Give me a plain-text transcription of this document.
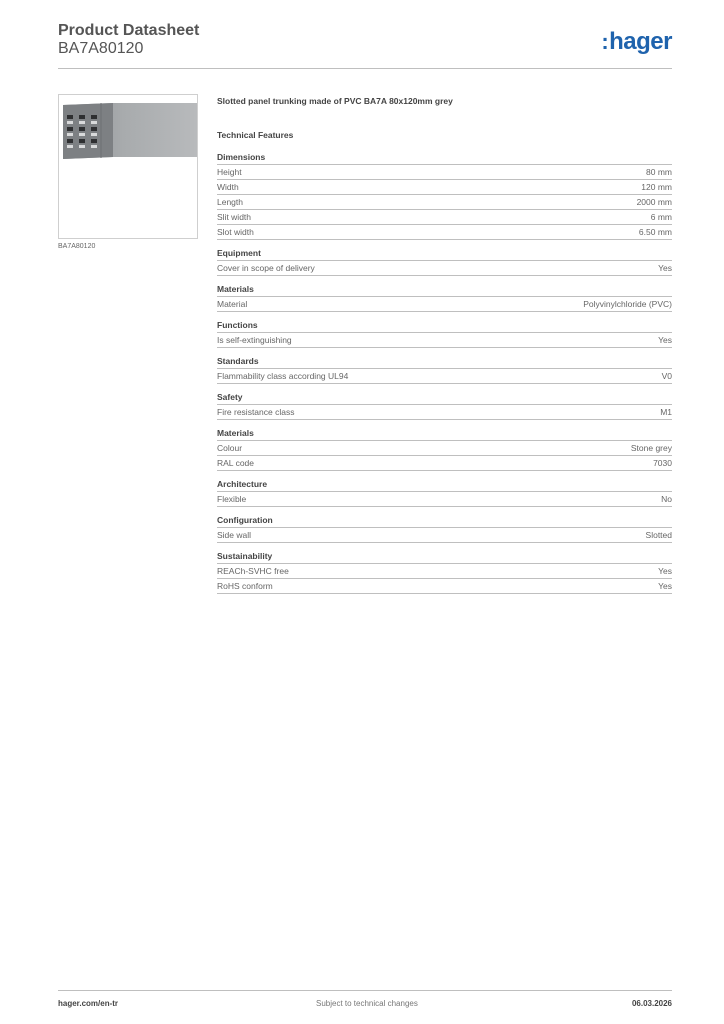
Product Datasheet
BA7A80120	:hager
BA7A80120
Slotted panel trunking made of PVC BA7A 80x120mm grey
Technical Features
Dimensions
Height	80 mm
Width	120 mm
Length	2000 mm
Slit width	6 mm
Slot width	6.50 mm
Equipment
Cover in scope of delivery	Yes
Materials
Material	Polyvinylchloride (PVC)
Functions
Is self-extinguishing	Yes
Standards
Flammability class according UL94	V0
Safety
Fire resistance class	M1
Materials
Colour	Stone grey
RAL code	7030
Architecture
Flexible	No
Configuration
Side wall	Slotted
Sustainability
REACh-SVHC free	Yes
RoHS conform	Yes
hager.com/en-tr	Subject to technical changes	06.03.2026
